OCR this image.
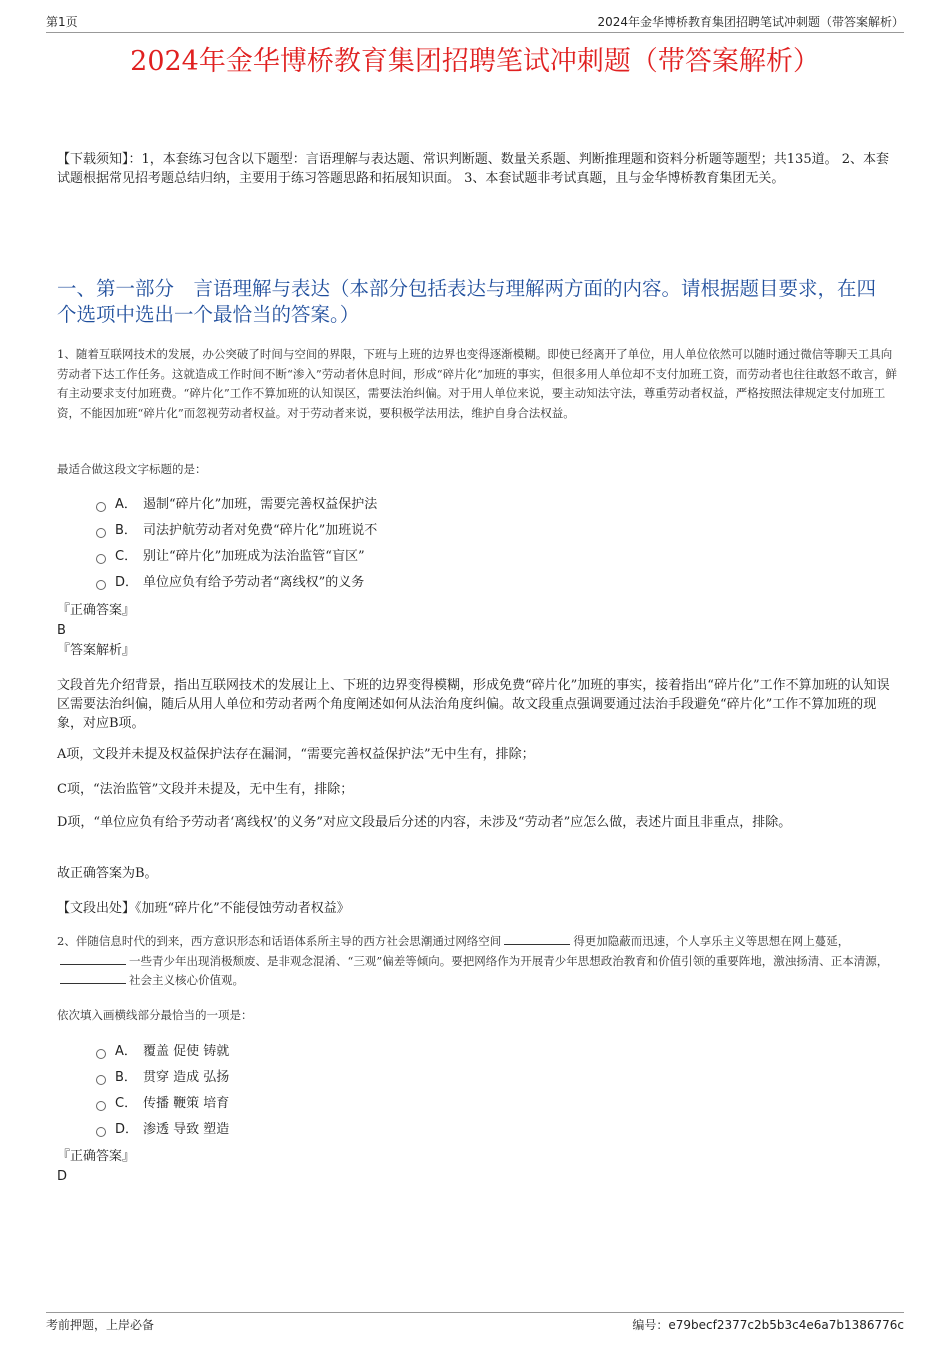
第1页	2024年金华博桥教育集团招聘笔试冲刺题（带答案解析）
2024年金华博桥教育集团招聘笔试冲刺题（带答案解析）
【下载须知】：1，本套练习包含以下题型：言语理解与表达题、常识判断题、数量关系题、判断推理题和资料分析题等题型；共135道。 2、本套试题根据常见招考题总结归纳，主要用于练习答题思路和拓展知识面。 3、本套试题非考试真题，且与金华博桥教育集团无关。
一、第一部分　言语理解与表达（本部分包括表达与理解两方面的内容。请根据题目要求，在四个选项中选出一个最恰当的答案。）
1、随着互联网技术的发展，办公突破了时间与空间的界限，下班与上班的边界也变得逐渐模糊。即使已经离开了单位，用人单位依然可以随时通过微信等聊天工具向劳动者下达工作任务。这就造成工作时间不断“渗入”劳动者休息时间，形成“碎片化”加班的事实，但很多用人单位却不支付加班工资，而劳动者也往往敢怒不敢言，鲜有主动要求支付加班费。“碎片化”工作不算加班的认知误区，需要法治纠偏。对于用人单位来说，要主动知法守法，尊重劳动者权益，严格按照法律规定支付加班工资，不能因加班“碎片化”而忽视劳动者权益。对于劳动者来说，要积极学法用法，维护自身合法权益。
最适合做这段文字标题的是：
A． 遏制“碎片化”加班，需要完善权益保护法
B． 司法护航劳动者对免费“碎片化”加班说不
C． 别让“碎片化”加班成为法治监管“盲区”
D． 单位应负有给予劳动者“离线权”的义务
『正确答案』
B
『答案解析』
文段首先介绍背景，指出互联网技术的发展让上、下班的边界变得模糊，形成免费“碎片化”加班的事实，接着指出“碎片化”工作不算加班的认知误区需要法治纠偏，随后从用人单位和劳动者两个角度阐述如何从法治角度纠偏。故文段重点强调要通过法治手段避免“碎片化”工作不算加班的现象，对应B项。
A项，文段并未提及权益保护法存在漏洞，“需要完善权益保护法”无中生有，排除；
C项，“法治监管”文段并未提及，无中生有，排除；
D项，“单位应负有给予劳动者‘离线权’的义务”对应文段最后分述的内容，未涉及“劳动者”应怎么做，表述片面且非重点，排除。
故正确答案为B。
【文段出处】《加班“碎片化”不能侵蚀劳动者权益》
2、伴随信息时代的到来，西方意识形态和话语体系所主导的西方社会思潮通过网络空间	得更加隐蔽而迅速，个人享乐主义等思想在网上蔓延，一些青少年出现消极颓废、是非观念混淆、“三观”偏差等倾向。要把网络作为开展青少年思想政治教育和价值引领的重要阵地，激浊扬清、正本清源，社会主义核心价值观。
依次填入画横线部分最恰当的一项是：
A． 覆盖 促使 铸就
B． 贯穿 造成 弘扬
C． 传播 鞭策 培育
D． 渗透 导致 塑造
『正确答案』
D
考前押题，上岸必备	编号：e79becf2377c2b5b3c4e6a7b1386776c
